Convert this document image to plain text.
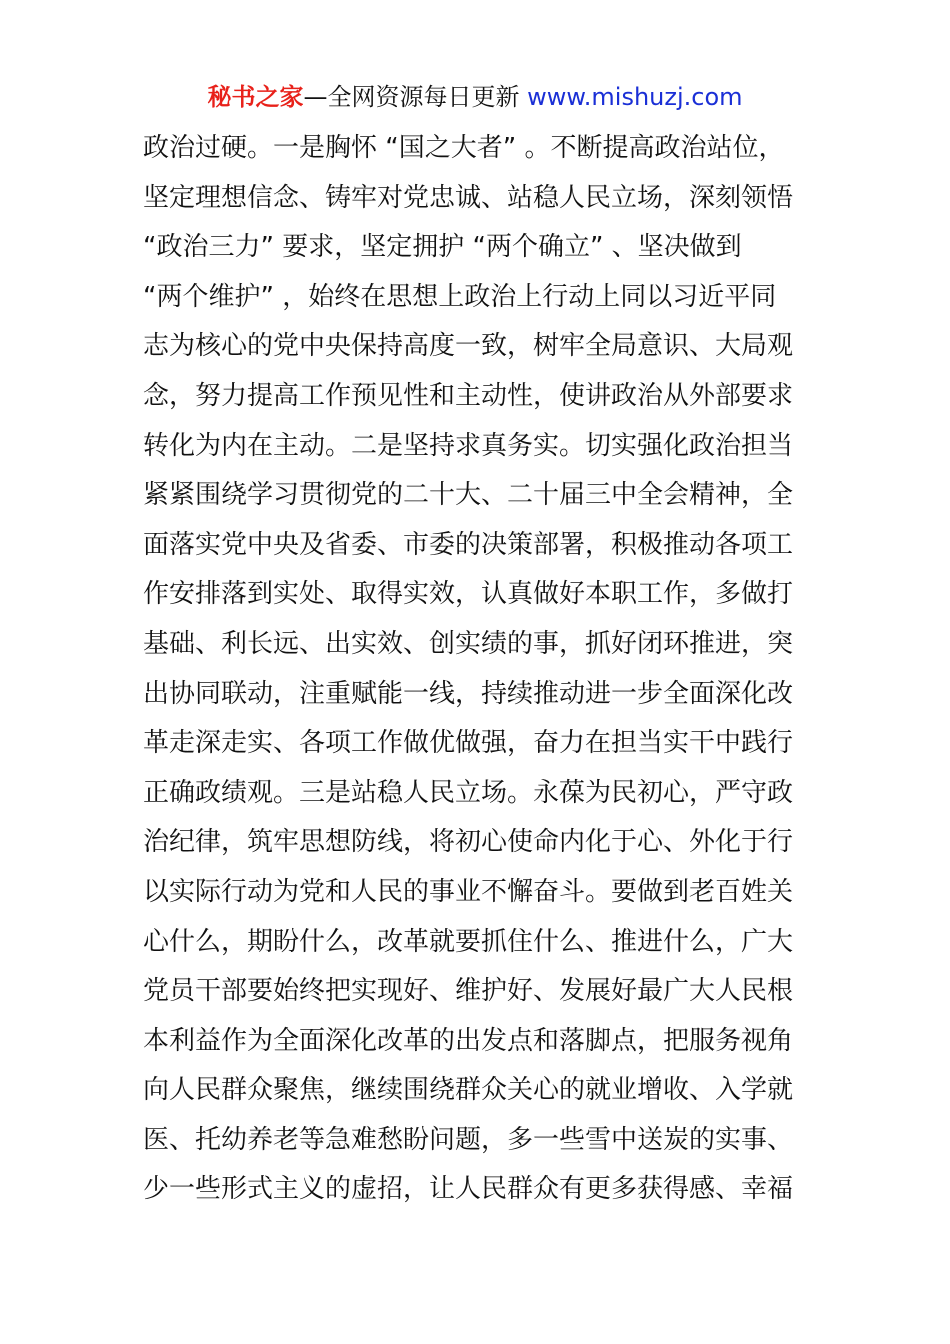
秘书之家—全网资源每日更新 www.mishuzj.com
政治过硬。一是胸怀 “国之大者” 。不断提高政治站位，
坚定理想信念、铸牢对党忠诚、站稳人民立场，深刻领悟
“政治三力” 要求，坚定拥护 “两个确立” 、坚决做到
“两个维护” ，始终在思想上政治上行动上同以习近平同
志为核心的党中央保持高度一致，树牢全局意识、大局观
念，努力提高工作预见性和主动性，使讲政治从外部要求
转化为内在主动。二是坚持求真务实。切实强化政治担当
紧紧围绕学习贯彻党的二十大、二十届三中全会精神，全
面落实党中央及省委、市委的决策部署，积极推动各项工
作安排落到实处、取得实效，认真做好本职工作，多做打
基础、利长远、出实效、创实绩的事，抓好闭环推进，突
出协同联动，注重赋能一线，持续推动进一步全面深化改
革走深走实、各项工作做优做强，奋力在担当实干中践行
正确政绩观。三是站稳人民立场。永葆为民初心，严守政
治纪律，筑牢思想防线，将初心使命内化于心、外化于行
以实际行动为党和人民的事业不懈奋斗。要做到老百姓关
心什么，期盼什么，改革就要抓住什么、推进什么，广大
党员干部要始终把实现好、维护好、发展好最广大人民根
本利益作为全面深化改革的出发点和落脚点，把服务视角
向人民群众聚焦，继续围绕群众关心的就业增收、入学就
医、托幼养老等急难愁盼问题，多一些雪中送炭的实事、
少一些形式主义的虚招，让人民群众有更多获得感、幸福
